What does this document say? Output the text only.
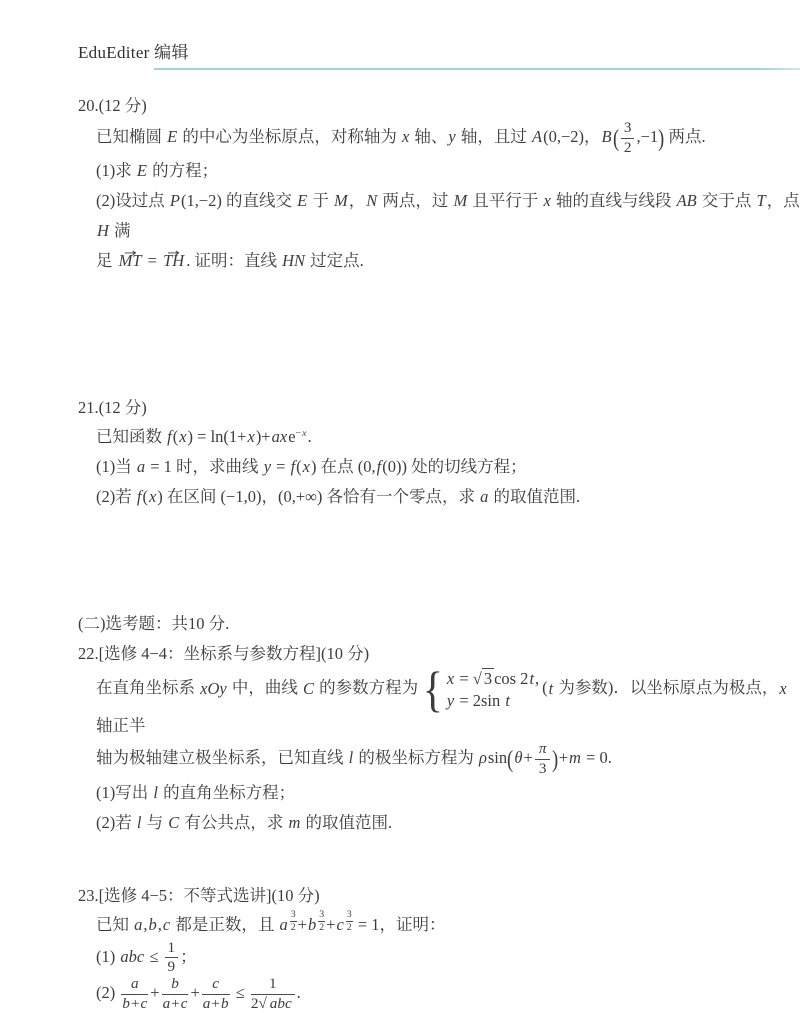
EduEditer 编辑
20.(12 分)
已知椭圆 E 的中心为坐标原点，对称轴为 x 轴、y 轴，且过 A(0,−2)，$B( \frac{3}{2} ,-1)$ 两点.
(1)求 E 的方程；
(2)设过点 P(1,−2) 的直线交 E 于 M，N 两点，过 M 且平行于 x 轴的直线与线段 AB 交于点 T，点 H 满
足 MT → = TH → . 证明：直线 HN 过定点.
21.(12 分)
已知函数 f(x) = ln(1+x)+axe$^{-x}$.
(1)当 a = 1 时，求曲线 y = f(x) 在点 (0,f(0)) 处的切线方程；
(2)若 f(x) 在区间 (−1,0)，(0,+∞) 各恰有一个零点，求 a 的取值范围.
(二)选考题：共10 分.
22.[选修 4−4：坐标系与参数方程](10 分)
在直角坐标系 xOy 中，曲线 C 的参数方程为 { x = √ 3 cos 2t,
y = 2sin t
(t 为参数)．以坐标原点为极点，x 轴正半
轴为极轴建立极坐标系，已知直线 l 的极坐标方程为 $\rho\sin(\theta+ \frac{\pi}{3} )+m = 0$.
(1)写出 l 的直角坐标方程；
(2)若 l 与 C 有公共点，求 m 的取值范围.
23.[选修 4−5：不等式选讲](10 分)
已知 a,b,c 都是正数，且 a $^{\frac{3}{2}}$ +b $^{\frac{3}{2}}$ +c $^{\frac{3}{2}}$ = 1，证明：
(1) abc ≤ $\frac{1}{9}$ ；
$(2) \frac{a}{b+c} + \frac{b}{a+c} + \frac{c}{a+b} \le \frac{1}{\text{2√ abc}}$ .
